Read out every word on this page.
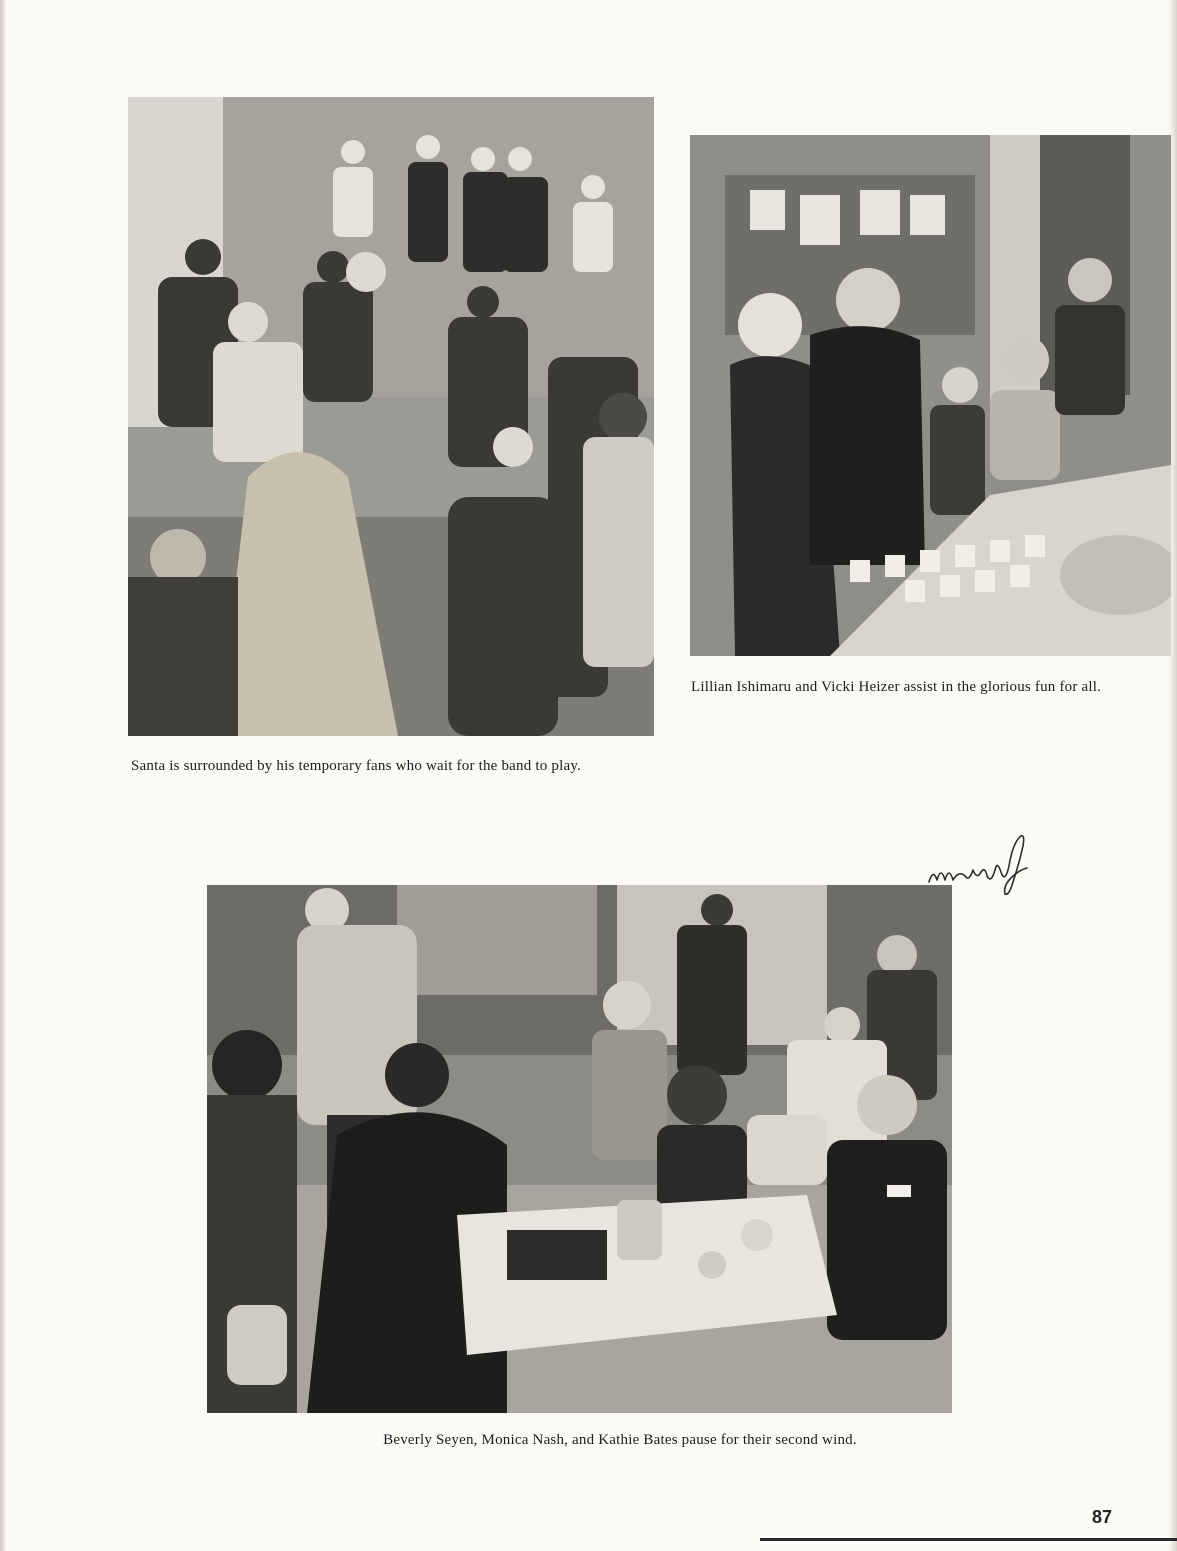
Santa is surrounded by his temporary fans who wait for the band to play.
Lillian Ishimaru and Vicki Heizer assist in the glorious fun for all.
Beverly Seyen, Monica Nash, and Kathie Bates pause for their second wind.
87
